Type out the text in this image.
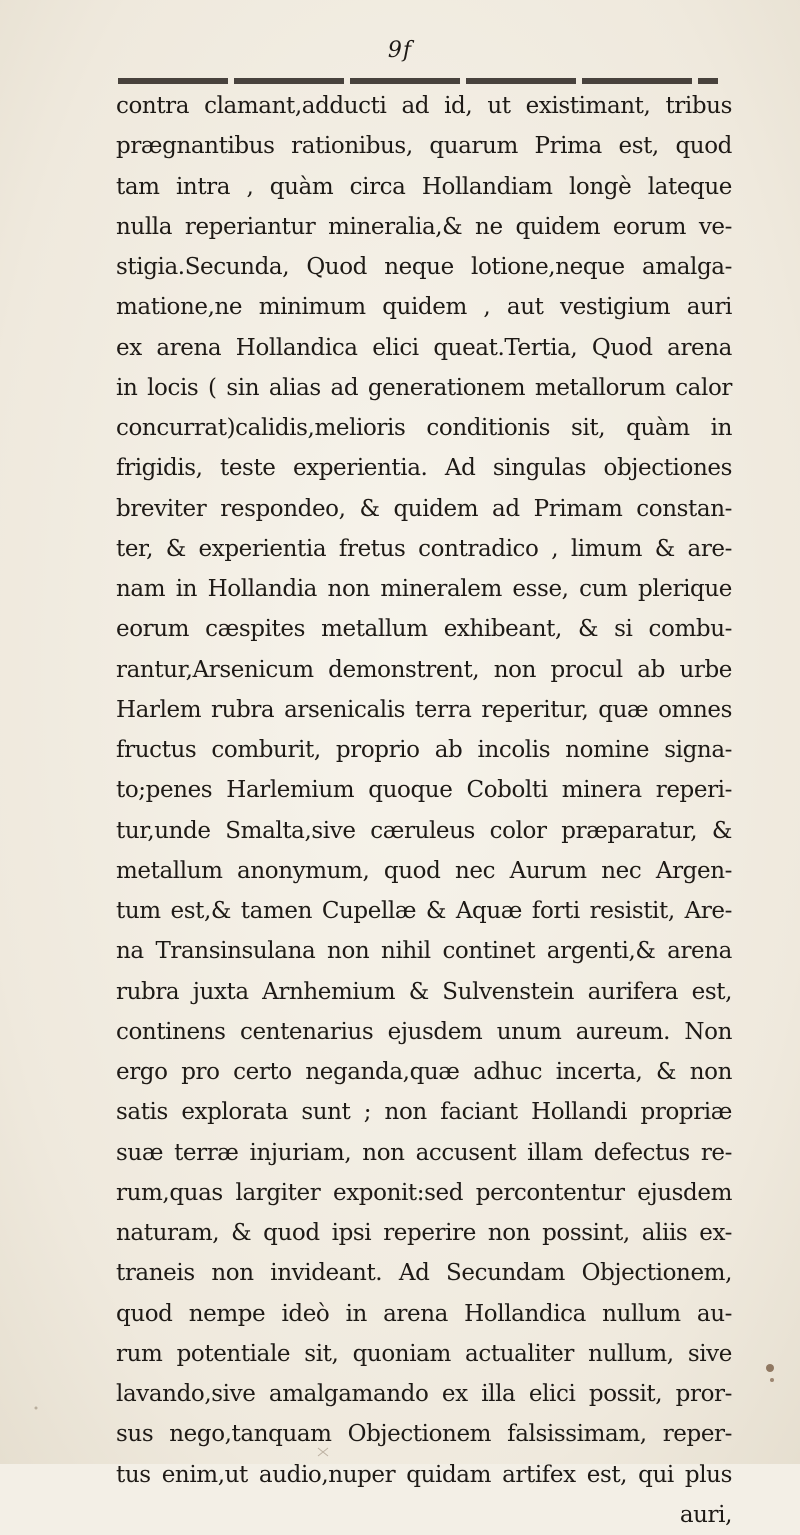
9f
contra clamant,adducti ad id, ut existimant, tribus
prægnantibus rationibus, quarum Prima est, quod
tam intra , quàm circa Hollandiam longè lateque
nulla reperiantur mineralia,& ne quidem eorum ve-
stigia.Secunda, Quod neque lotione,neque amalga-
matione,ne minimum quidem , aut vestigium auri
ex arena Hollandica elici queat.Tertia, Quod arena
in locis ( sin alias ad generationem metallorum calor
concurrat)calidis,melioris conditionis sit, quàm in
frigidis, teste experientia. Ad singulas objectiones
breviter respondeo, & quidem ad Primam constan-
ter, & experientia fretus contradico , limum & are-
nam in Hollandia non mineralem esse, cum plerique
eorum cæspites metallum exhibeant, & si combu-
rantur,Arsenicum demonstrent, non procul ab urbe
Harlem rubra arsenicalis terra reperitur, quæ omnes
fructus comburit, proprio ab incolis nomine signa-
to;penes Harlemium quoque Cobolti minera reperi-
tur,unde Smalta,sive cæruleus color præparatur, &
metallum anonymum, quod nec Aurum nec Argen-
tum est,& tamen Cupellæ & Aquæ forti resistit, Are-
na Transinsulana non nihil continet argenti,& arena
rubra juxta Arnhemium & Sulvenstein aurifera est,
continens centenarius ejusdem unum aureum. Non
ergo pro certo neganda,quæ adhuc incerta, & non
satis explorata sunt ; non faciant Hollandi propriæ
suæ terræ injuriam, non accusent illam defectus re-
rum,quas largiter exponit:sed percontentur ejusdem
naturam, & quod ipsi reperire non possint, aliis ex-
traneis non invideant. Ad Secundam Objectionem,
quod nempe ideò in arena Hollandica nullum au-
rum potentiale sit, quoniam actualiter nullum, sive
lavando,sive amalgamando ex illa elici possit, pror-
sus nego,tanquam Objectionem falsissimam, reper-
tus enim,ut audio,nuper quidam artifex est, qui plus
auri,
